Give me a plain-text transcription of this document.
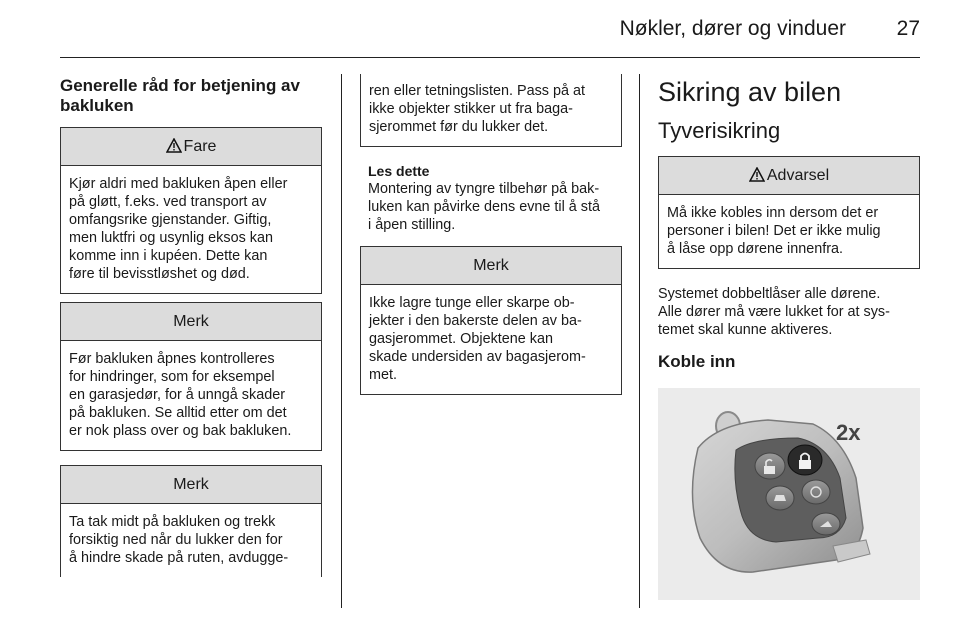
Nøkler, dører og vinduer 27
Generelle råd for betjening av
bakluken
Fare
Kjør aldri med bakluken åpen eller
på gløtt, f.eks. ved transport av
omfangsrike gjenstander. Giftig,
men luktfri og usynlig eksos kan
komme inn i kupéen. Dette kan
føre til bevisstløshet og død.
Merk
Før bakluken åpnes kontrolleres
for hindringer, som for eksempel
en garasjedør, for å unngå skader
på bakluken. Se alltid etter om det
er nok plass over og bak bakluken.
Merk
Ta tak midt på bakluken og trekk
forsiktig ned når du lukker den for
å hindre skade på ruten, avdugge-
ren eller tetningslisten. Pass på at
ikke objekter stikker ut fra baga-
sjerommet før du lukker det.
Les dette
Montering av tyngre tilbehør på bak-
luken kan påvirke dens evne til å stå
i åpen stilling.
Merk
Ikke lagre tunge eller skarpe ob-
jekter i den bakerste delen av ba-
gasjerommet. Objektene kan
skade undersiden av bagasjerom-
met.
Sikring av bilen
Tyverisikring
Advarsel
Må ikke kobles inn dersom det er
personer i bilen! Det er ikke mulig
å låse opp dørene innenfra.
Systemet dobbeltlåser alle dørene.
Alle dører må være lukket for at sys-
temet skal kunne aktiveres.
Koble inn
2x
